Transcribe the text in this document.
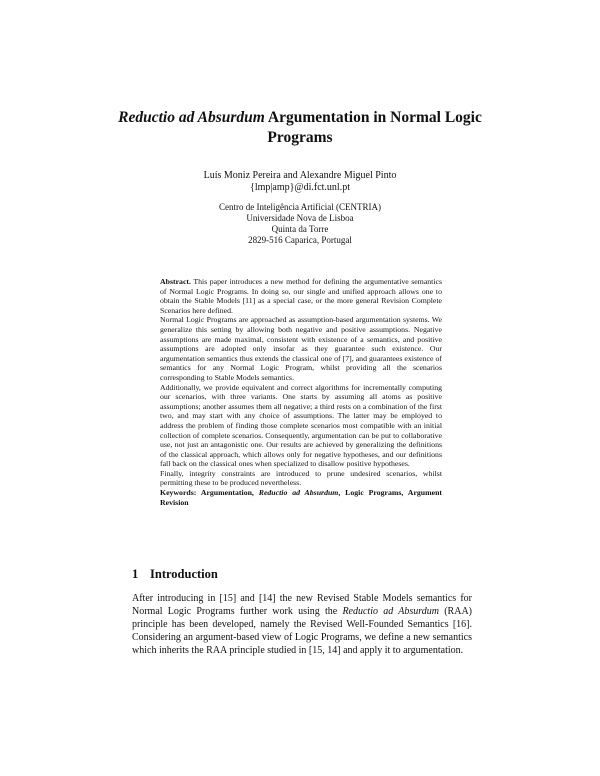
Reductio ad Absurdum Argumentation in Normal Logic Programs
Luís Moniz Pereira and Alexandre Miguel Pinto
{lmp|amp}@di.fct.unl.pt
Centro de Inteligência Artificial (CENTRIA)
Universidade Nova de Lisboa
Quinta da Torre
2829-516 Caparica, Portugal

Abstract. This paper introduces a new method for defining the argumentative semantics of Normal Logic Programs. In doing so, our single and unified approach allows one to obtain the Stable Models [11] as a special case, or the more general Revision Complete Scenarios here defined.

Normal Logic Programs are approached as assumption-based argumentation systems. We generalize this setting by allowing both negative and positive assumptions. Negative assumptions are made maximal, consistent with existence of a semantics, and positive assumptions are adopted only insofar as they guarantee such existence. Our argumentation semantics thus extends the classical one of [7], and guarantees existence of semantics for any Normal Logic Program, whilst providing all the scenarios corresponding to Stable Models semantics.

Additionally, we provide equivalent and correct algorithms for incrementally computing our scenarios, with three variants. One starts by assuming all atoms as positive assumptions; another assumes them all negative; a third rests on a combination of the first two, and may start with any choice of assumptions. The latter may be employed to address the problem of finding those complete scenarios most compatible with an initial collection of complete scenarios. Consequently, argumentation can be put to collaborative use, not just an antagonistic one. Our results are achieved by generalizing the definitions of the classical approach, which allows only for negative hypotheses, and our definitions fall back on the classical ones when specialized to disallow positive hypotheses.

Finally, integrity constraints are introduced to prune undesired scenarios, whilst permitting these to be produced nevertheless.

Keywords: Argumentation, Reductio ad Absurdum, Logic Programs, Argument Revision

1 Introduction

After introducing in [15] and [14] the new Revised Stable Models semantics for Normal Logic Programs further work using the Reductio ad Absurdum (RAA) principle has been developed, namely the Revised Well-Founded Semantics [16]. Considering an argument-based view of Logic Programs, we define a new semantics which inherits the RAA principle studied in [15, 14] and apply it to argumentation.
